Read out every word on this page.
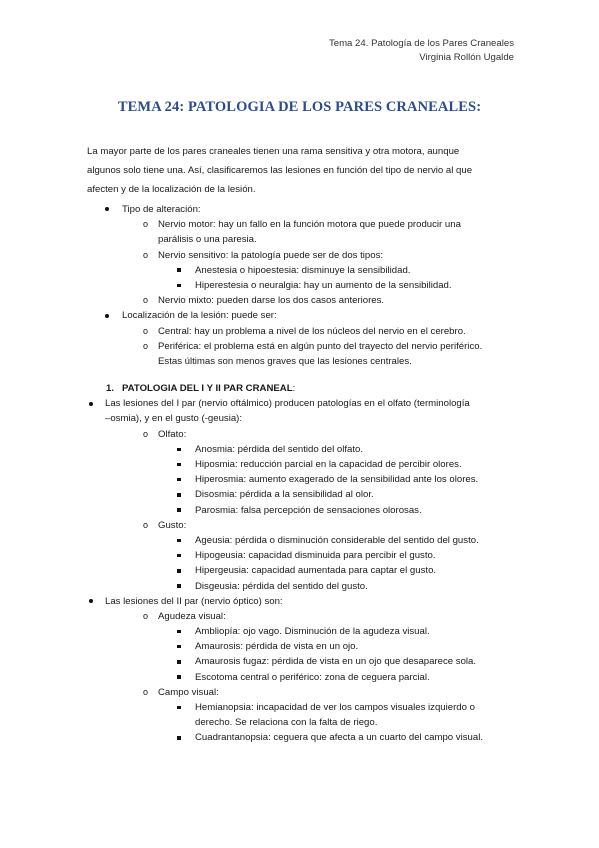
Tema 24. Patología de los Pares Craneales
Virginia Rollón Ugalde
TEMA 24: PATOLOGIA DE LOS PARES CRANEALES:
La mayor parte de los pares craneales tienen una rama sensitiva y otra motora, aunque
algunos solo tiene una. Así, clasificaremos las lesiones en función del tipo de nervio al que
afecten y de la localización de la lesión.
Tipo de alteración:
o Nervio motor: hay un fallo en la función motora que puede producir una
parálisis o una paresia.
o Nervio sensitivo: la patología puede ser de dos tipos:
Anestesia o hipoestesia: disminuye la sensibilidad.
Hiperestesia o neuralgia: hay un aumento de la sensibilidad.
o Nervio mixto: pueden darse los dos casos anteriores.
Localización de la lesión: puede ser:
o Central: hay un problema a nivel de los núcleos del nervio en el cerebro.
o Periférica: el problema está en algún punto del trayecto del nervio periférico.
Estas últimas son menos graves que las lesiones centrales.
1. PATOLOGIA DEL I Y II PAR CRANEAL:
Las lesiones del I par (nervio oftálmico) producen patologías en el olfato (terminología
–osmia), y en el gusto (-geusia):
o Olfato:
Anosmia: pérdida del sentido del olfato.
Hiposmia: reducción parcial en la capacidad de percibir olores.
Hiperosmia: aumento exagerado de la sensibilidad ante los olores.
Disosmia: pérdida a la sensibilidad al olor.
Parosmia: falsa percepción de sensaciones olorosas.
o Gusto:
Ageusia: pérdida o disminución considerable del sentido del gusto.
Hipogeusia: capacidad disminuida para percibir el gusto.
Hipergeusia: capacidad aumentada para captar el gusto.
Disgeusia: pérdida del sentido del gusto.
Las lesiones del II par (nervio óptico) son:
o Agudeza visual:
Ambliopía: ojo vago. Disminución de la agudeza visual.
Amaurosis: pérdida de vista en un ojo.
Amaurosis fugaz: pérdida de vista en un ojo que desaparece sola.
Escotoma central o periférico: zona de ceguera parcial.
o Campo visual:
Hemianopsia: incapacidad de ver los campos visuales izquierdo o
derecho. Se relaciona con la falta de riego.
Cuadrantanopsia: ceguera que afecta a un cuarto del campo visual.
